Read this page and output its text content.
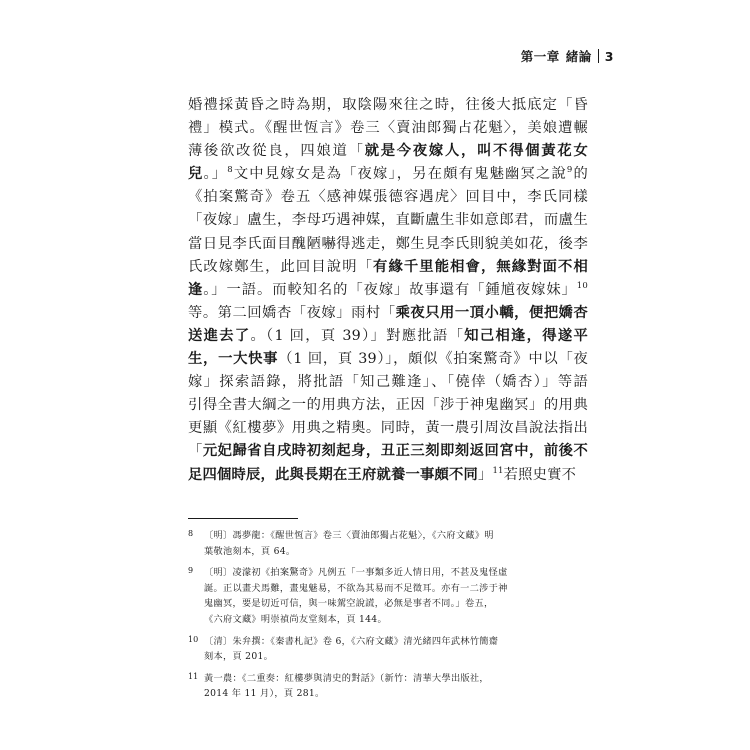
第一章 緒論 3
婚禮採黃昏之時為期，取陰陽來往之時，往後大抵底定「昏
禮」模式。《醒世恆言》卷三〈賣油郎獨占花魁〉，美娘遭輾
薄後欲改從良，四娘道「就是今夜嫁人，叫不得個黃花女
兒。」$^8$文中見嫁女是為「夜嫁」，另在頗有鬼魅幽冥之說$^9$的
《拍案驚奇》卷五〈感神媒張德容遇虎〉回目中，李氏同樣
「夜嫁」盧生，李母巧遇神媒，直斷盧生非如意郎君，而盧生
當日見李氏面目醜陋嚇得逃走，鄭生見李氏則貌美如花，後李
氏改嫁鄭生，此回目說明「有緣千里能相會，無緣對面不相
逢。」一語。而較知名的「夜嫁」故事還有「鍾馗夜嫁妹」$^{10}$
等。第二回嬌杏「夜嫁」雨村「乘夜只用一頂小轎，便把嬌杏
送進去了。（1 回，頁 39）」對應批語「知己相逢，得遂平
生，一大快事（1 回，頁 39）」，頗似《拍案驚奇》中以「夜
嫁」探索語錄，將批語「知己難逢」、「僥倖（嬌杏）」等語
引得全書大綱之一的用典方法，正因「涉于神鬼幽冥」的用典
更顯《紅樓夢》用典之精奧。同時，黃一農引周汝昌說法指出
「元妃歸省自戌時初刻起身，丑正三刻即刻返回宮中，前後不
足四個時辰，此與長期在王府就養一事頗不同」$^{11}$若照史實不
8	〔明〕馮夢龍：《醒世恆言》卷三〈賣油郎獨占花魁〉，《六府文藏》明
葉敬池刻本，頁 64。
9	〔明〕凌濛初《拍案驚奇》凡例五「一事類多近人情日用，不甚及鬼怪虛
誕。正以畫犬馬難，畫鬼魅易，不欲為其易而不足徵耳。亦有一二涉于神
鬼幽冥，要是切近可信，與一味駕空說謊，必無是事者不同。」卷五，
《六府文藏》明崇禎尚友堂刻本，頁 144。
10 〔清〕朱弁撰：《秦書札記》卷 6，《六府文藏》清光緒四年武林竹簡齋
刻本，頁 201。
11 黃一農：《二重奏：紅樓夢與清史的對話》（新竹：清華大學出版社，
2014 年 11 月），頁 281。
